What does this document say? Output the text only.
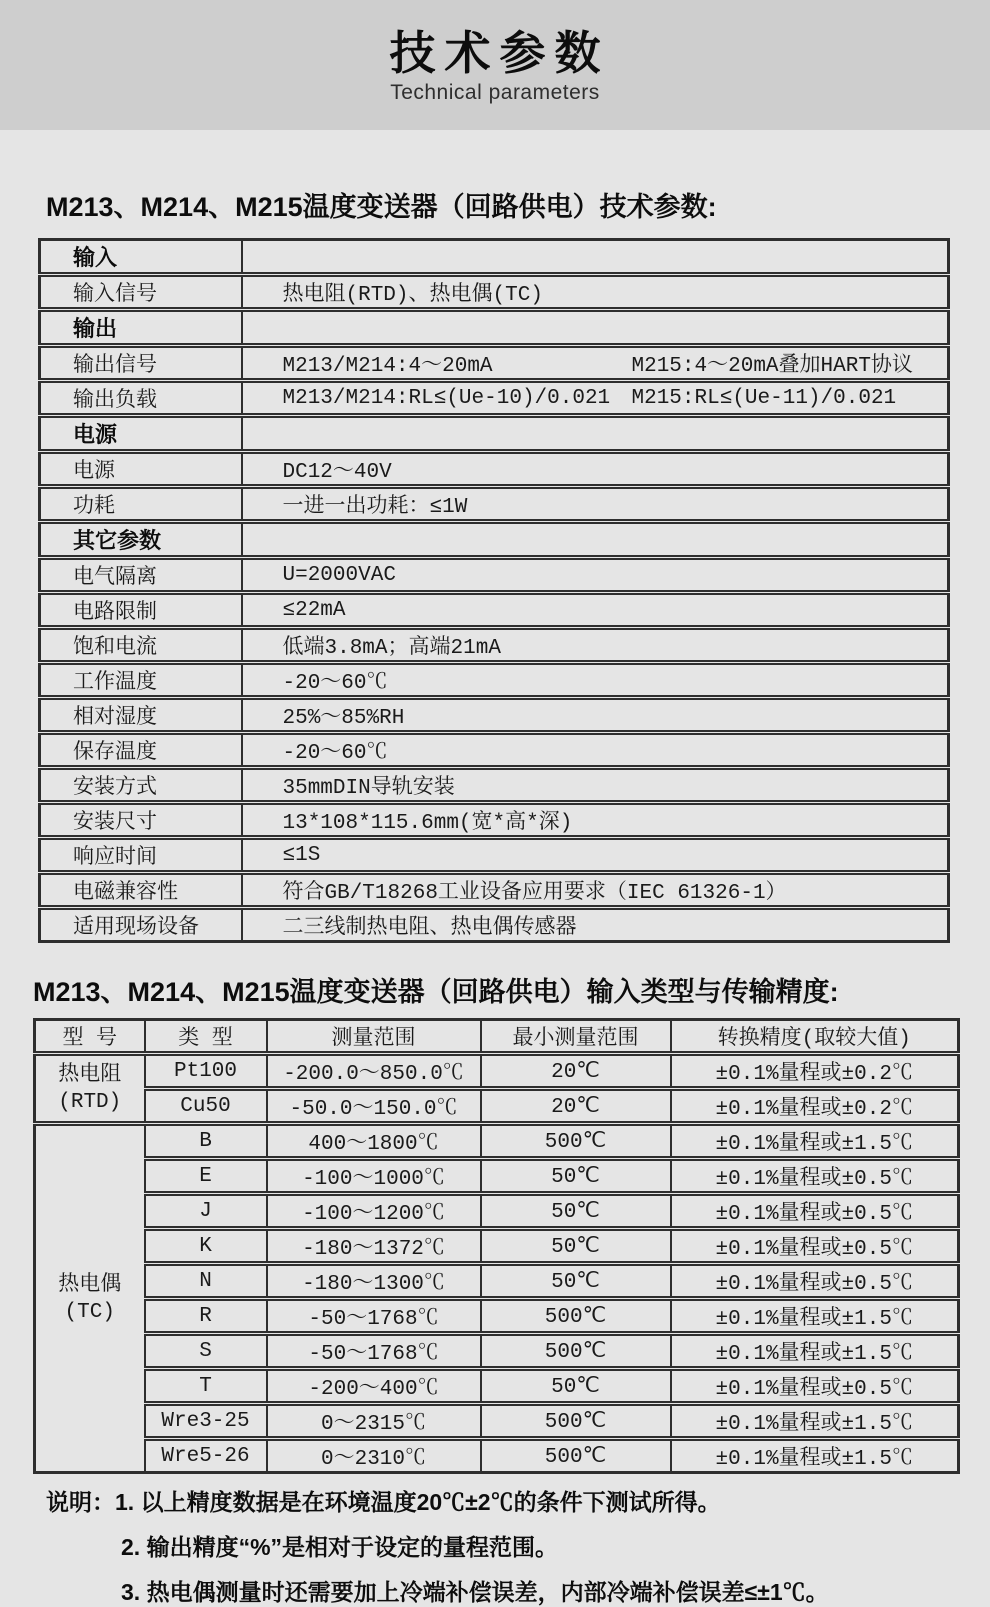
技术参数
Technical parameters
M213、M214、M215温度变送器（回路供电）技术参数:
输入	
输入信号	热电阻(RTD)、热电偶(TC)
输出	
输出信号	M213/M214:4～20mA M215:4～20mA叠加HART协议
输出负载	M213/M214:RL≤(Ue-10)/0.021 M215:RL≤(Ue-11)/0.021
电源	
电源	DC12～40V
功耗	一进一出功耗：≤1W
其它参数	
电气隔离	U=2000VAC
电路限制	≤22mA
饱和电流	低端3.8mA；高端21mA
工作温度	-20～60℃
相对湿度	25%～85%RH
保存温度	-20～60℃
安装方式	35mmDIN导轨安装
安装尺寸	13*108*115.6mm(宽*高*深)
响应时间	≤1S
电磁兼容性	符合GB/T18268工业设备应用要求（IEC 61326-1）
适用现场设备	二三线制热电阻、热电偶传感器
M213、M214、M215温度变送器（回路供电）输入类型与传输精度:
型 号	类 型	测量范围	最小测量范围	转换精度(取较大值)

热电阻
(RTD)	Pt100	-200.0～850.0℃	20℃	±0.1%量程或±0.2℃
	Cu50	-50.0～150.0℃	20℃	±0.1%量程或±0.2℃

热电偶
(TC)	B	400～1800℃	500℃	±0.1%量程或±1.5℃
	E	-100～1000℃	50℃	±0.1%量程或±0.5℃
	J	-100～1200℃	50℃	±0.1%量程或±0.5℃
	K	-180～1372℃	50℃	±0.1%量程或±0.5℃
	N	-180～1300℃	50℃	±0.1%量程或±0.5℃
	R	-50～1768℃	500℃	±0.1%量程或±1.5℃
	S	-50～1768℃	500℃	±0.1%量程或±1.5℃
	T	-200～400℃	50℃	±0.1%量程或±0.5℃
	Wre3-25	0～2315℃	500℃	±0.1%量程或±1.5℃
	Wre5-26	0～2310℃	500℃	±0.1%量程或±1.5℃
说明：1. 以上精度数据是在环境温度20℃±2℃的条件下测试所得。
2. 输出精度“%”是相对于设定的量程范围。
3. 热电偶测量时还需要加上冷端补偿误差，内部冷端补偿误差≤±1℃。
